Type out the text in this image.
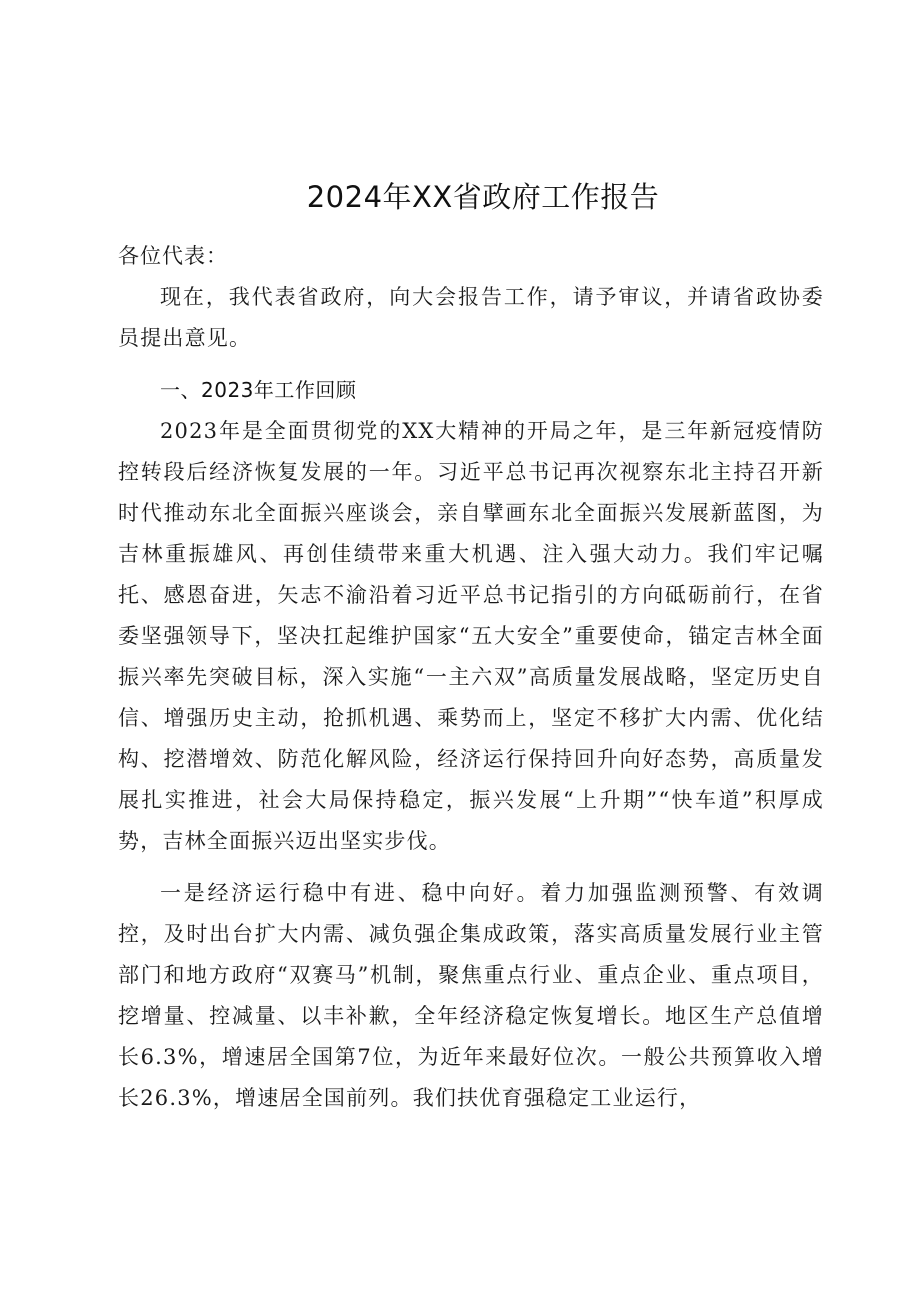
2024年XX省政府工作报告

各位代表：

现在，我代表省政府，向大会报告工作，请予审议，并请省政协委员提出意见。

一、2023年工作回顾

2023年是全面贯彻党的XX大精神的开局之年，是三年新冠疫情防控转段后经济恢复发展的一年。习近平总书记再次视察东北主持召开新时代推动东北全面振兴座谈会，亲自擘画东北全面振兴发展新蓝图，为吉林重振雄风、再创佳绩带来重大机遇、注入强大动力。我们牢记嘱托、感恩奋进，矢志不渝沿着习近平总书记指引的方向砥砺前行，在省委坚强领导下，坚决扛起维护国家“五大安全”重要使命，锚定吉林全面振兴率先突破目标，深入实施“一主六双”高质量发展战略，坚定历史自信、增强历史主动，抢抓机遇、乘势而上，坚定不移扩大内需、优化结构、挖潜增效、防范化解风险，经济运行保持回升向好态势，高质量发展扎实推进，社会大局保持稳定，振兴发展“上升期”“快车道”积厚成势，吉林全面振兴迈出坚实步伐。

一是经济运行稳中有进、稳中向好。着力加强监测预警、有效调控，及时出台扩大内需、减负强企集成政策，落实高质量发展行业主管部门和地方政府“双赛马”机制，聚焦重点行业、重点企业、重点项目，挖增量、控减量、以丰补歉，全年经济稳定恢复增长。地区生产总值增长6.3%，增速居全国第7位，为近年来最好位次。一般公共预算收入增长26.3%，增速居全国前列。我们扶优育强稳定工业运行，
